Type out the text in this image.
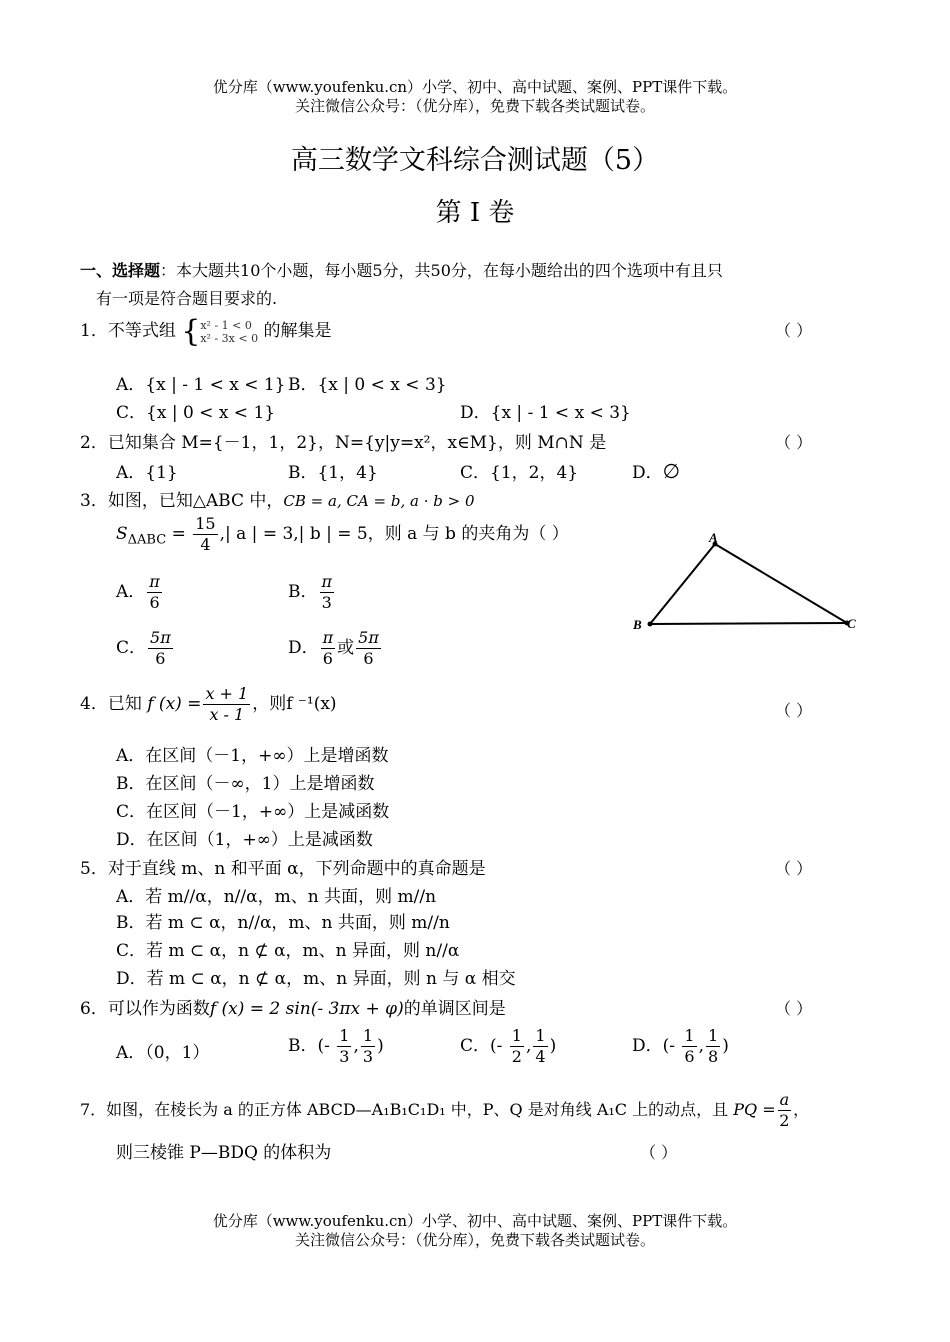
优分库（www.youfenku.cn）小学、初中、高中试题、案例、PPT课件下载。
关注微信公众号：（优分库），免费下载各类试题试卷。
高三数学文科综合测试题（5）
第 I 卷
一、选择题：本大题共10个小题，每小题5分，共50分，在每小题给出的四个选项中有且只
有一项是符合题目要求的.
1．不等式组 { x² - 1 < 0
x² - 3x < 0 的解集是	（ ）
A．{x | - 1 < x < 1} B．{x | 0 < x < 3}
C．{x | 0 < x < 1}	D．{x | - 1 < x < 3}
2．已知集合 M={－1，1，2}，N={y|y=x²，x∈M}，则 M∩N 是	（ ）
A．{1}	B．{1，4}	C．{1，2，4}	D．∅
3．如图，已知△ABC 中，CB = a, CA = b, a · b > 0
$S_{\Delta ABC} = \frac{15}{4}$ ,| a | = 3,| b | = 5，则 a 与 b 的夹角为（ ）
A． $\frac{\pi}{6}$	B． $\frac{\pi}{3}$
C． $\frac{5\pi}{6}$	D． $\frac{\pi}{6}$ 或 $\frac{5\pi}{6}$
A
B	C
4．已知 f $(x) = \frac{x + 1}{x - 1}$ ，则f ⁻¹(x)	（ ）
A．在区间（－1，+∞）上是增函数
B．在区间（－∞，1）上是增函数
C．在区间（－1，+∞）上是减函数
D．在区间（1，+∞）上是减函数
5．对于直线 m、n 和平面 α，下列命题中的真命题是	（ ）
A．若 m//α，n//α，m、n 共面，则 m//n
B．若 m ⊂ α，n//α，m、n 共面，则 m//n
C．若 m ⊂ α，n ⊄ α，m、n 异面，则 n//α
D．若 m ⊂ α，n ⊄ α，m、n 异面，则 n 与 α 相交
6．可以作为函数f (x) = 2 sin(- 3πx + φ)的单调区间是	（ ）
A．（0，1）	B．(- $\frac{1}{3}$ , $\frac{1}{3}$ )	C．(- $\frac{1}{2}$ , $\frac{1}{4}$ )	D．(- $\frac{1}{6}$ , $\frac{1}{8}$ )
7．如图，在棱长为 a 的正方体 ABCD—A₁B₁C₁D₁ 中，P、Q 是对角线 A₁C 上的动点，且 PQ = $\frac{a}{2}$ ，
则三棱锥 P—BDQ 的体积为	（ ）
优分库（www.youfenku.cn）小学、初中、高中试题、案例、PPT课件下载。
关注微信公众号：（优分库），免费下载各类试题试卷。
